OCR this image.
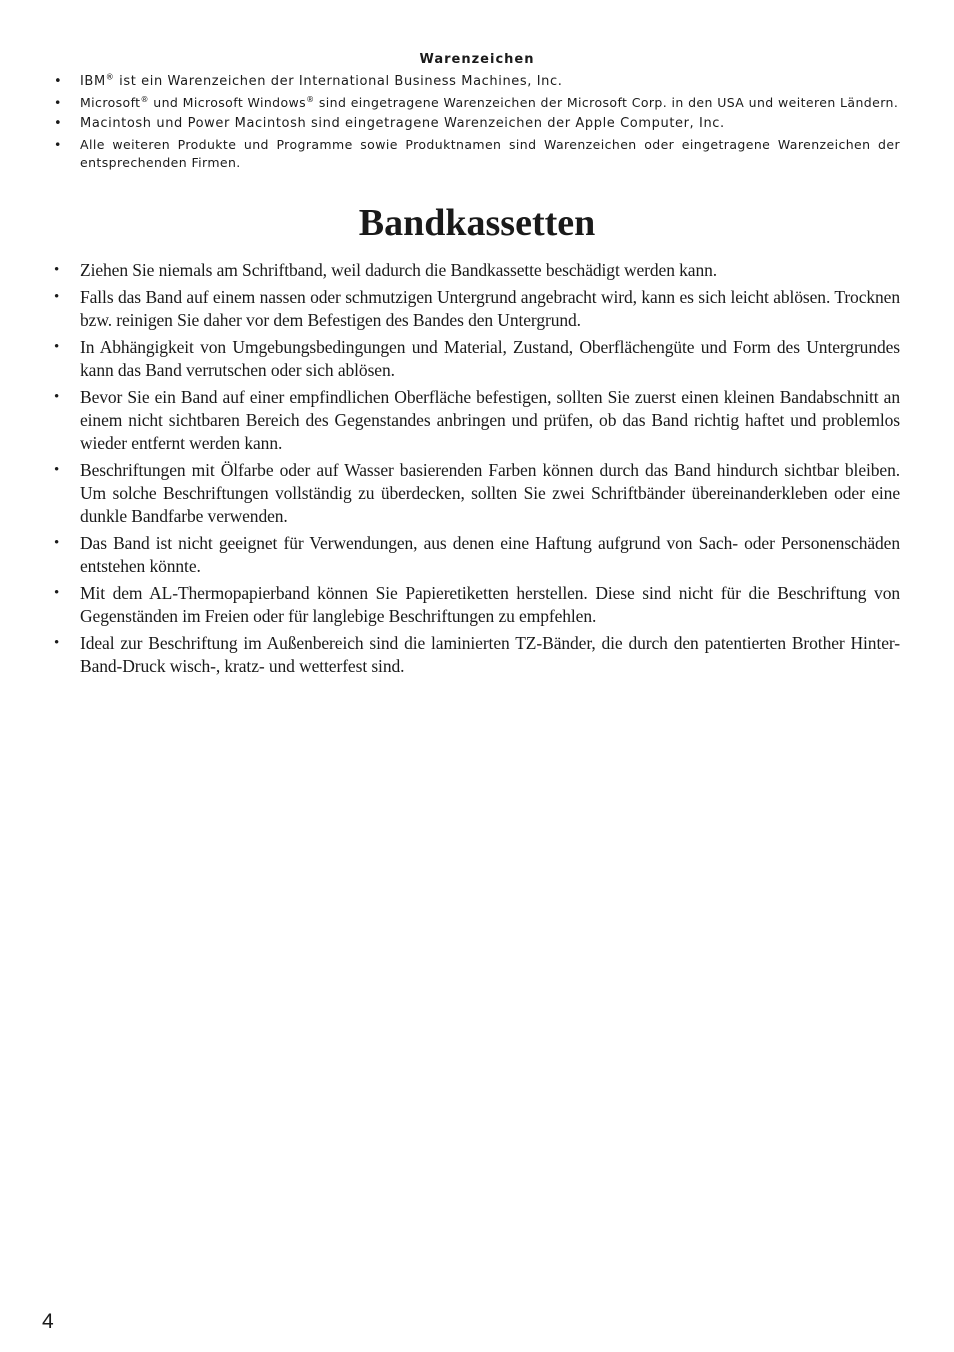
Warenzeichen
• IBM® ist ein Warenzeichen der International Business Machines, Inc.
• Microsoft® und Microsoft Windows® sind eingetragene Warenzeichen der Microsoft Corp. in den USA und weiteren Ländern.
• Macintosh und Power Macintosh sind eingetragene Warenzeichen der Apple Computer, Inc.
• Alle weiteren Produkte und Programme sowie Produktnamen sind Warenzeichen oder eingetragene Warenzeichen der entsprechenden Firmen.
Bandkassetten
• Ziehen Sie niemals am Schriftband, weil dadurch die Bandkassette beschädigt werden kann.
• Falls das Band auf einem nassen oder schmutzigen Untergrund angebracht wird, kann es sich leicht ablösen. Trocknen bzw. reinigen Sie daher vor dem Befestigen des Bandes den Untergrund.
• In Abhängigkeit von Umgebungsbedingungen und Material, Zustand, Oberflächengüte und Form des Untergrundes kann das Band verrutschen oder sich ablösen.
• Bevor Sie ein Band auf einer empfindlichen Oberfläche befestigen, sollten Sie zuerst einen kleinen Bandabschnitt an einem nicht sichtbaren Bereich des Gegenstandes anbringen und prüfen, ob das Band richtig haftet und problemlos wieder entfernt werden kann.
• Beschriftungen mit Ölfarbe oder auf Wasser basierenden Farben können durch das Band hindurch sichtbar bleiben. Um solche Beschriftungen vollständig zu überdecken, sollten Sie zwei Schriftbänder übereinanderkleben oder eine dunkle Bandfarbe verwenden.
• Das Band ist nicht geeignet für Verwendungen, aus denen eine Haftung aufgrund von Sach- oder Personenschäden entstehen könnte.
• Mit dem AL-Thermopapierband können Sie Papieretiketten herstellen. Diese sind nicht für die Beschriftung von Gegenständen im Freien oder für langlebige Beschriftungen zu empfehlen.
• Ideal zur Beschriftung im Außenbereich sind die laminierten TZ-Bänder, die durch den patentierten Brother Hinter-Band-Druck wisch-, kratz- und wetterfest sind.
4
